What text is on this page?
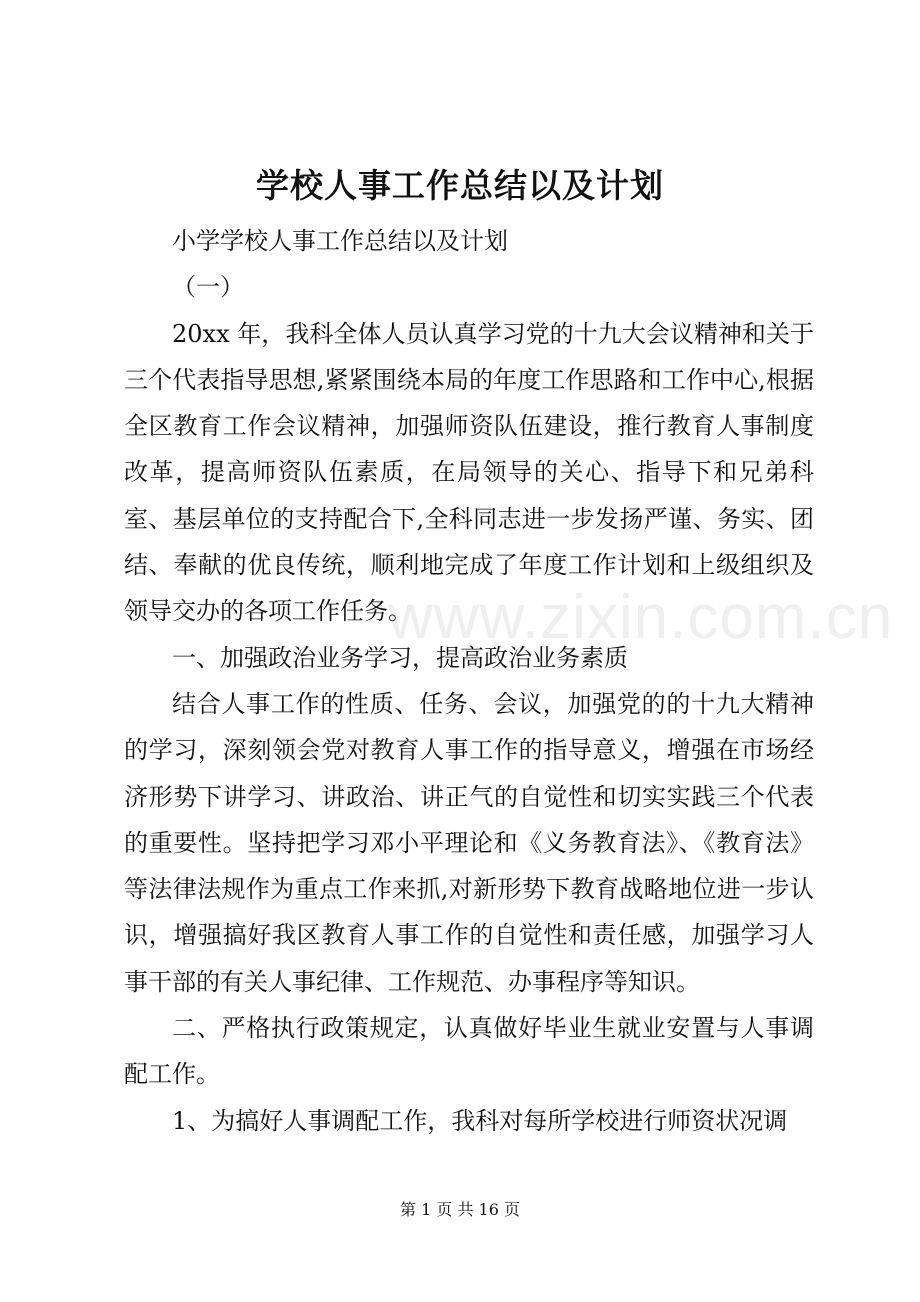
www.zixin.com.cn
学校人事工作总结以及计划

小学学校人事工作总结以及计划

（一）

20xx 年，我科全体人员认真学习党的十九大会议精神和关于三个代表指导思想,紧紧围绕本局的年度工作思路和工作中心,根据全区教育工作会议精神，加强师资队伍建设，推行教育人事制度改革，提高师资队伍素质，在局领导的关心、指导下和兄弟科室、基层单位的支持配合下,全科同志进一步发扬严谨、务实、团结、奉献的优良传统，顺利地完成了年度工作计划和上级组织及领导交办的各项工作任务。

一、加强政治业务学习，提高政治业务素质

结合人事工作的性质、任务、会议，加强党的的十九大精神的学习，深刻领会党对教育人事工作的指导意义，增强在市场经济形势下讲学习、讲政治、讲正气的自觉性和切实实践三个代表的重要性。坚持把学习邓小平理论和《义务教育法》、《教育法》等法律法规作为重点工作来抓,对新形势下教育战略地位进一步认识，增强搞好我区教育人事工作的自觉性和责任感，加强学习人事干部的有关人事纪律、工作规范、办事程序等知识。

二、严格执行政策规定，认真做好毕业生就业安置与人事调配工作。

1、为搞好人事调配工作，我科对每所学校进行师资状况调

第 1 页 共 16 页
